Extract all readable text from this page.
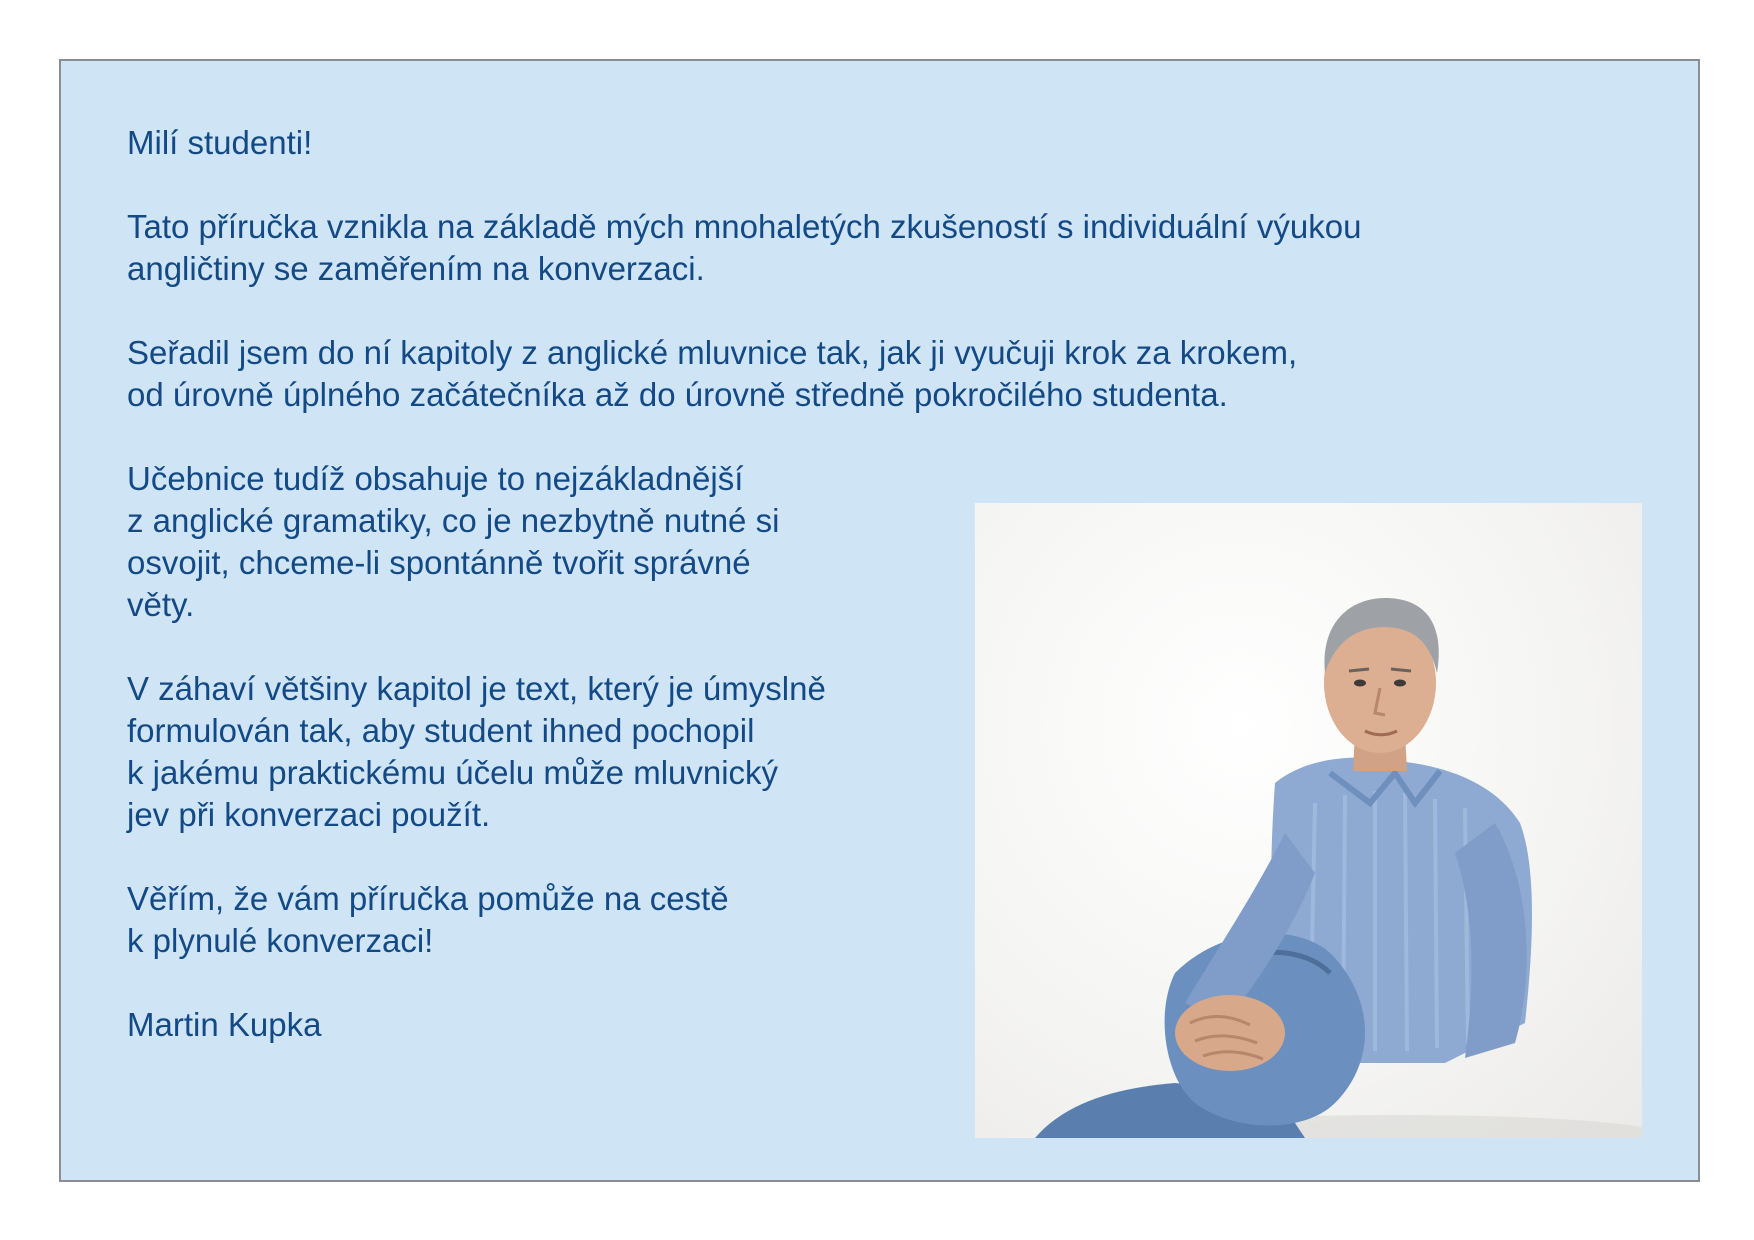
Milí studenti!

Tato příručka vznikla na základě mých mnohaletých zkušeností s individuální výukou

angličtiny se zaměřením na konverzaci.

Seřadil jsem do ní kapitoly z anglické mluvnice tak, jak ji vyučuji krok za krokem,

od úrovně úplného začátečníka až do úrovně středně pokročilého studenta.

Učebnice tudíž obsahuje to nejzákladnější

z anglické gramatiky, co je nezbytně nutné si

osvojit, chceme-li spontánně tvořit správné

věty.

V záhaví většiny kapitol je text, který je úmyslně

formulován tak, aby student ihned pochopil

k jakému praktickému účelu může mluvnický

jev při konverzaci použít.

Věřím, že vám příručka pomůže na cestě

k plynulé konverzaci!

Martin Kupka
